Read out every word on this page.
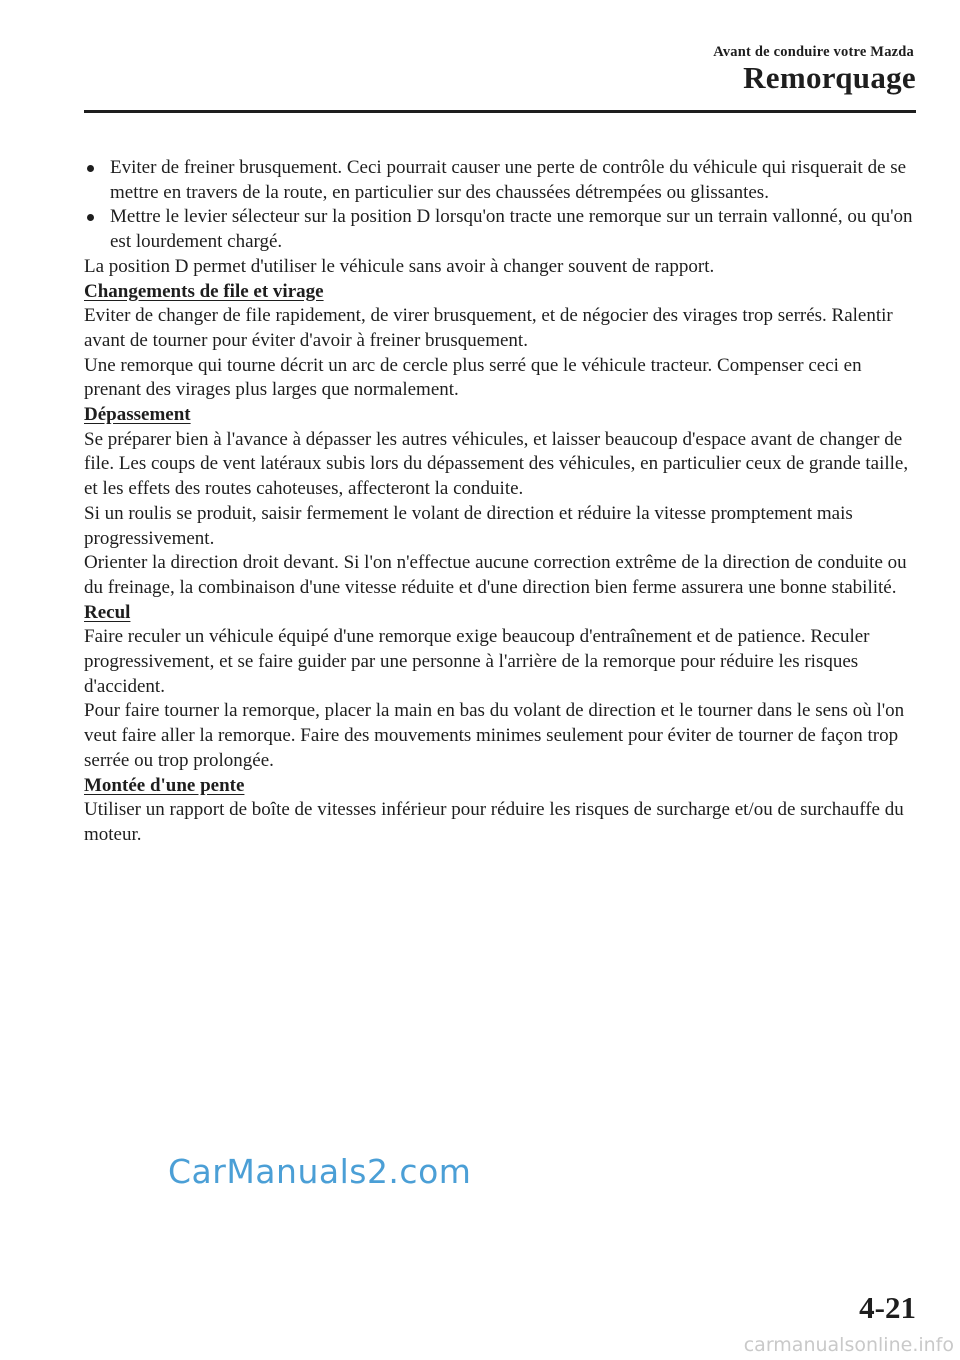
Avant de conduire votre Mazda
Remorquage
Eviter de freiner brusquement. Ceci pourrait causer une perte de contrôle du véhicule qui risquerait de se mettre en travers de la route, en particulier sur des chaussées détrempées ou glissantes.
Mettre le levier sélecteur sur la position D lorsqu'on tracte une remorque sur un terrain vallonné, ou qu'on est lourdement chargé.

La position D permet d'utiliser le véhicule sans avoir à changer souvent de rapport.

Changements de file et virage

Eviter de changer de file rapidement, de virer brusquement, et de négocier des virages trop serrés. Ralentir avant de tourner pour éviter d'avoir à freiner brusquement.

Une remorque qui tourne décrit un arc de cercle plus serré que le véhicule tracteur. Compenser ceci en prenant des virages plus larges que normalement.

Dépassement

Se préparer bien à l'avance à dépasser les autres véhicules, et laisser beaucoup d'espace avant de changer de file. Les coups de vent latéraux subis lors du dépassement des véhicules, en particulier ceux de grande taille, et les effets des routes cahoteuses, affecteront la conduite.

Si un roulis se produit, saisir fermement le volant de direction et réduire la vitesse promptement mais progressivement.

Orienter la direction droit devant. Si l'on n'effectue aucune correction extrême de la direction de conduite ou du freinage, la combinaison d'une vitesse réduite et d'une direction bien ferme assurera une bonne stabilité.

Recul

Faire reculer un véhicule équipé d'une remorque exige beaucoup d'entraînement et de patience. Reculer progressivement, et se faire guider par une personne à l'arrière de la remorque pour réduire les risques d'accident.

Pour faire tourner la remorque, placer la main en bas du volant de direction et le tourner dans le sens où l'on veut faire aller la remorque. Faire des mouvements minimes seulement pour éviter de tourner de façon trop serrée ou trop prolongée.

Montée d'une pente

Utiliser un rapport de boîte de vitesses inférieur pour réduire les risques de surcharge et/ou de surchauffe du moteur.

CarManuals2.com
4-21
carmanualsonline.info
